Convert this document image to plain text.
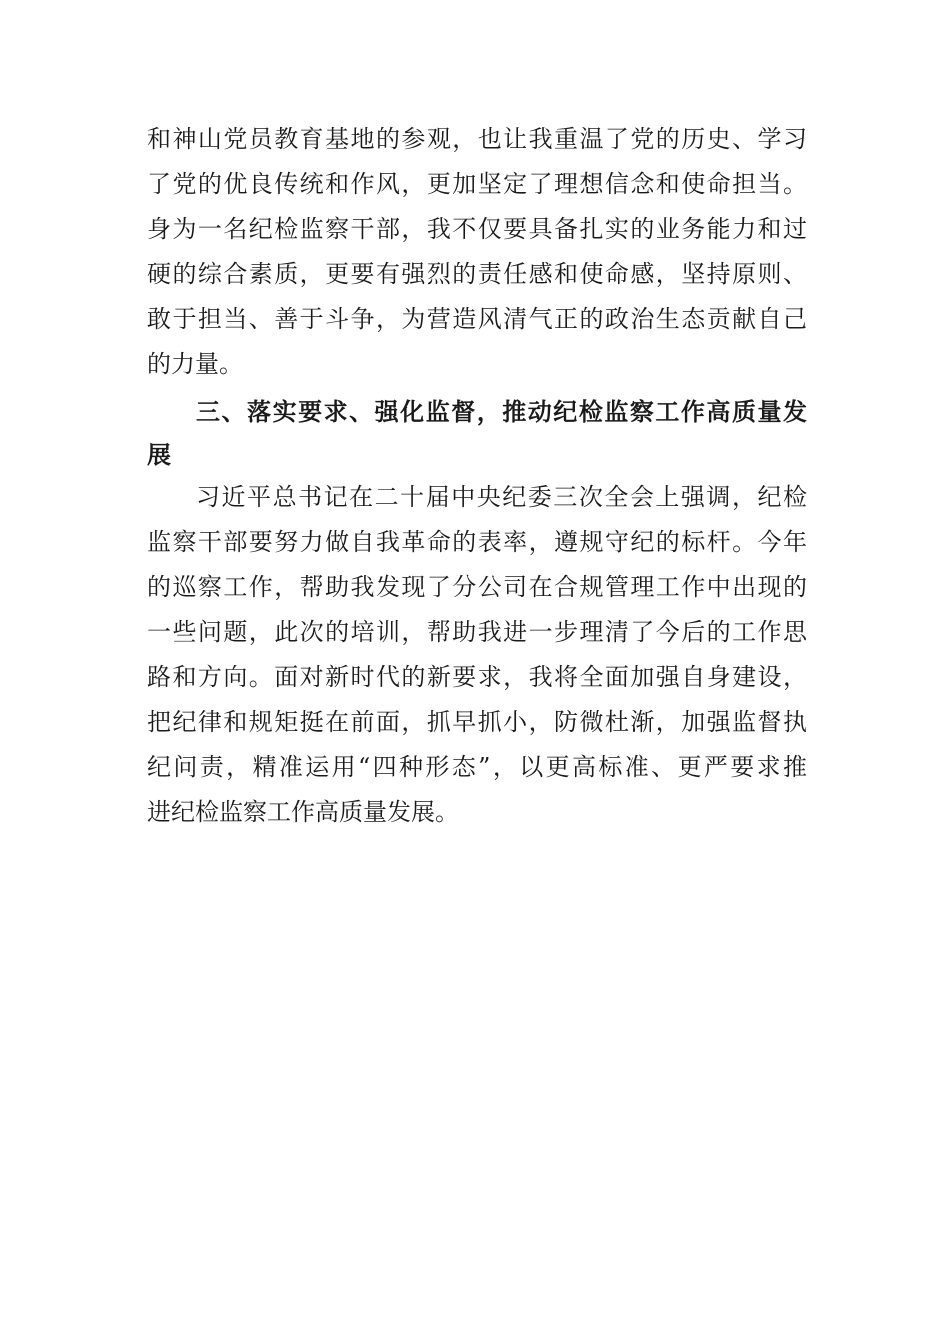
和神山党员教育基地的参观，也让我重温了党的历史、学习
了党的优良传统和作风，更加坚定了理想信念和使命担当。
身为一名纪检监察干部，我不仅要具备扎实的业务能力和过
硬的综合素质，更要有强烈的责任感和使命感，坚持原则、
敢于担当、善于斗争，为营造风清气正的政治生态贡献自己
的力量。
三、落实要求、强化监督，推动纪检监察工作高质量发
展
习近平总书记在二十届中央纪委三次全会上强调，纪检
监察干部要努力做自我革命的表率，遵规守纪的标杆。今年
的巡察工作，帮助我发现了分公司在合规管理工作中出现的
一些问题，此次的培训，帮助我进一步理清了今后的工作思
路和方向。面对新时代的新要求，我将全面加强自身建设，
把纪律和规矩挺在前面，抓早抓小，防微杜渐，加强监督执
纪问责，精准运用“四种形态”，以更高标准、更严要求推
进纪检监察工作高质量发展。
